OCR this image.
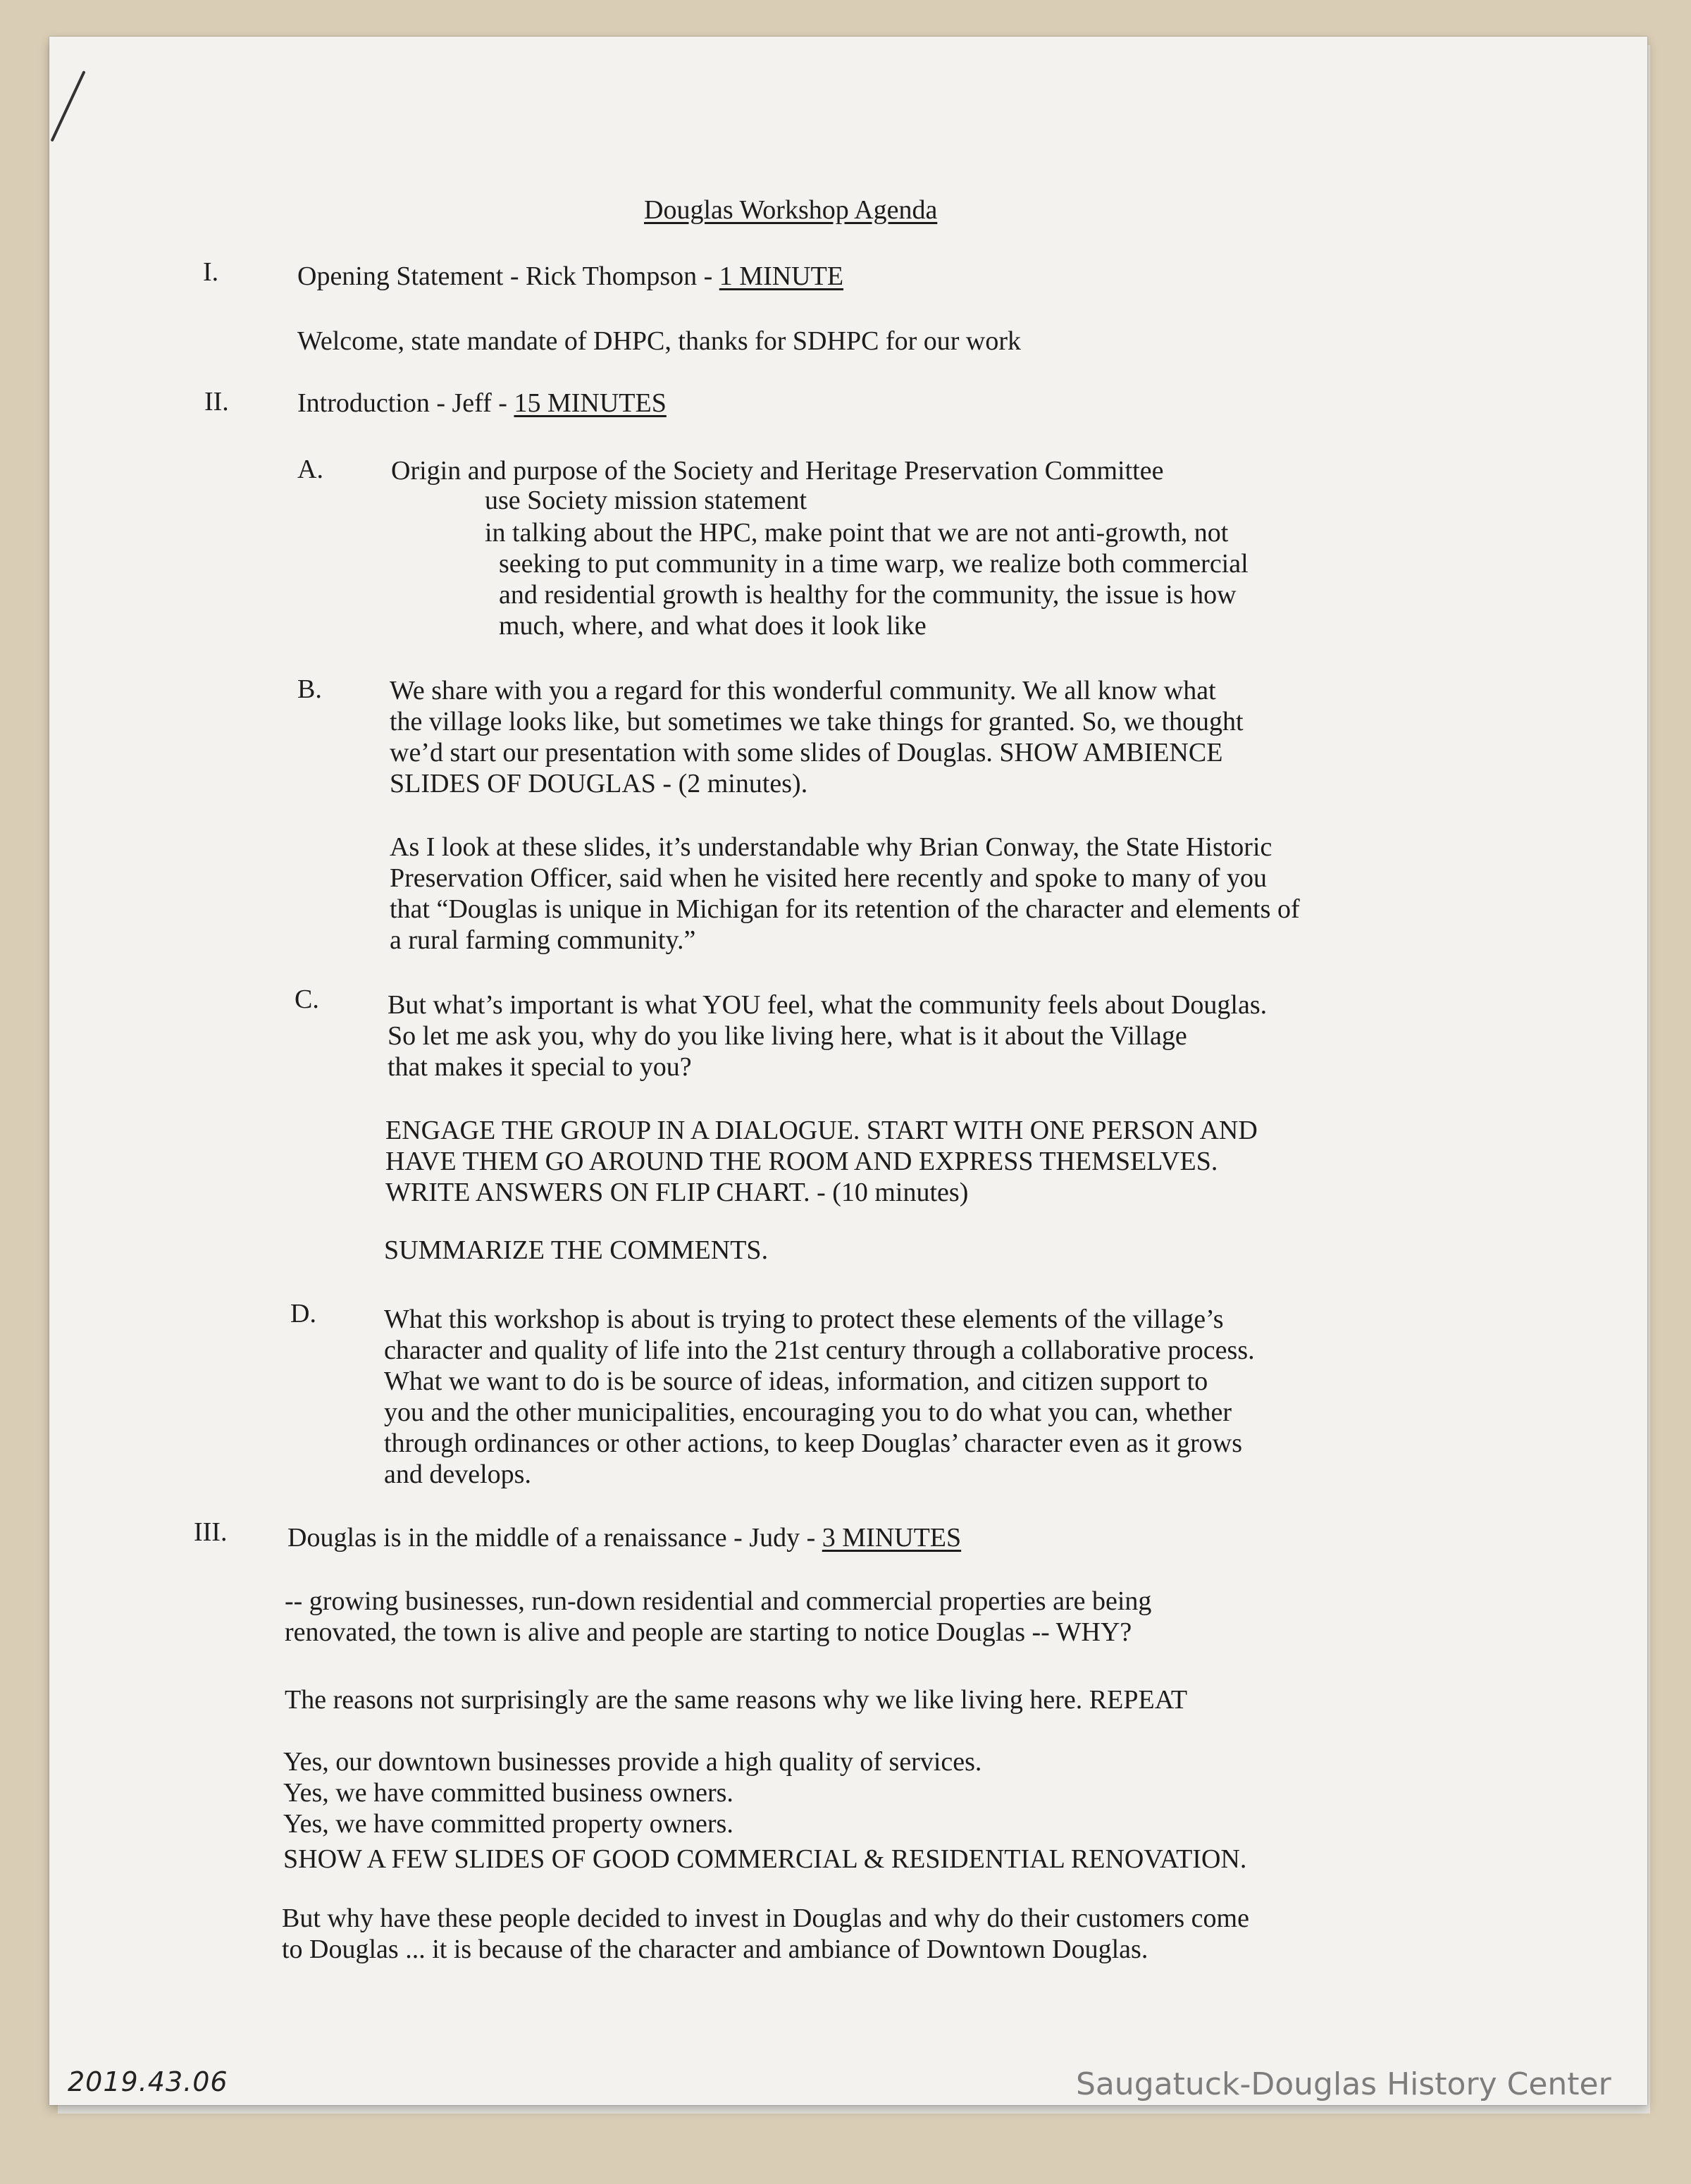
Douglas Workshop Agenda
I.	Opening Statement - Rick Thompson - 1 MINUTE
Welcome, state mandate of DHPC, thanks for SDHPC for our work
II.	Introduction - Jeff - 15 MINUTES
A.	Origin and purpose of the Society and Heritage Preservation Committee
use Society mission statement
in talking about the HPC, make point that we are not anti-growth, not
seeking to put community in a time warp, we realize both commercial
and residential growth is healthy for the community, the issue is how
much, where, and what does it look like
B.	We share with you a regard for this wonderful community. We all know what
the village looks like, but sometimes we take things for granted. So, we thought
we’d start our presentation with some slides of Douglas. SHOW AMBIENCE
SLIDES OF DOUGLAS - (2 minutes).
As I look at these slides, it’s understandable why Brian Conway, the State Historic
Preservation Officer, said when he visited here recently and spoke to many of you
that “Douglas is unique in Michigan for its retention of the character and elements of
a rural farming community.”
C.	But what’s important is what YOU feel, what the community feels about Douglas.
So let me ask you, why do you like living here, what is it about the Village
that makes it special to you?
ENGAGE THE GROUP IN A DIALOGUE. START WITH ONE PERSON AND
HAVE THEM GO AROUND THE ROOM AND EXPRESS THEMSELVES.
WRITE ANSWERS ON FLIP CHART. - (10 minutes)
SUMMARIZE THE COMMENTS.
D.	What this workshop is about is trying to protect these elements of the village’s
character and quality of life into the 21st century through a collaborative process.
What we want to do is be source of ideas, information, and citizen support to
you and the other municipalities, encouraging you to do what you can, whether
through ordinances or other actions, to keep Douglas’ character even as it grows
and develops.
III. Douglas is in the middle of a renaissance - Judy - 3 MINUTES
-- growing businesses, run-down residential and commercial properties are being
renovated, the town is alive and people are starting to notice Douglas -- WHY?
The reasons not surprisingly are the same reasons why we like living here. REPEAT
Yes, our downtown businesses provide a high quality of services.
Yes, we have committed business owners.
Yes, we have committed property owners.
SHOW A FEW SLIDES OF GOOD COMMERCIAL & RESIDENTIAL RENOVATION.
But why have these people decided to invest in Douglas and why do their customers come
to Douglas ... it is because of the character and ambiance of Downtown Douglas.
2019.43.06	Saugatuck-Douglas History Center
